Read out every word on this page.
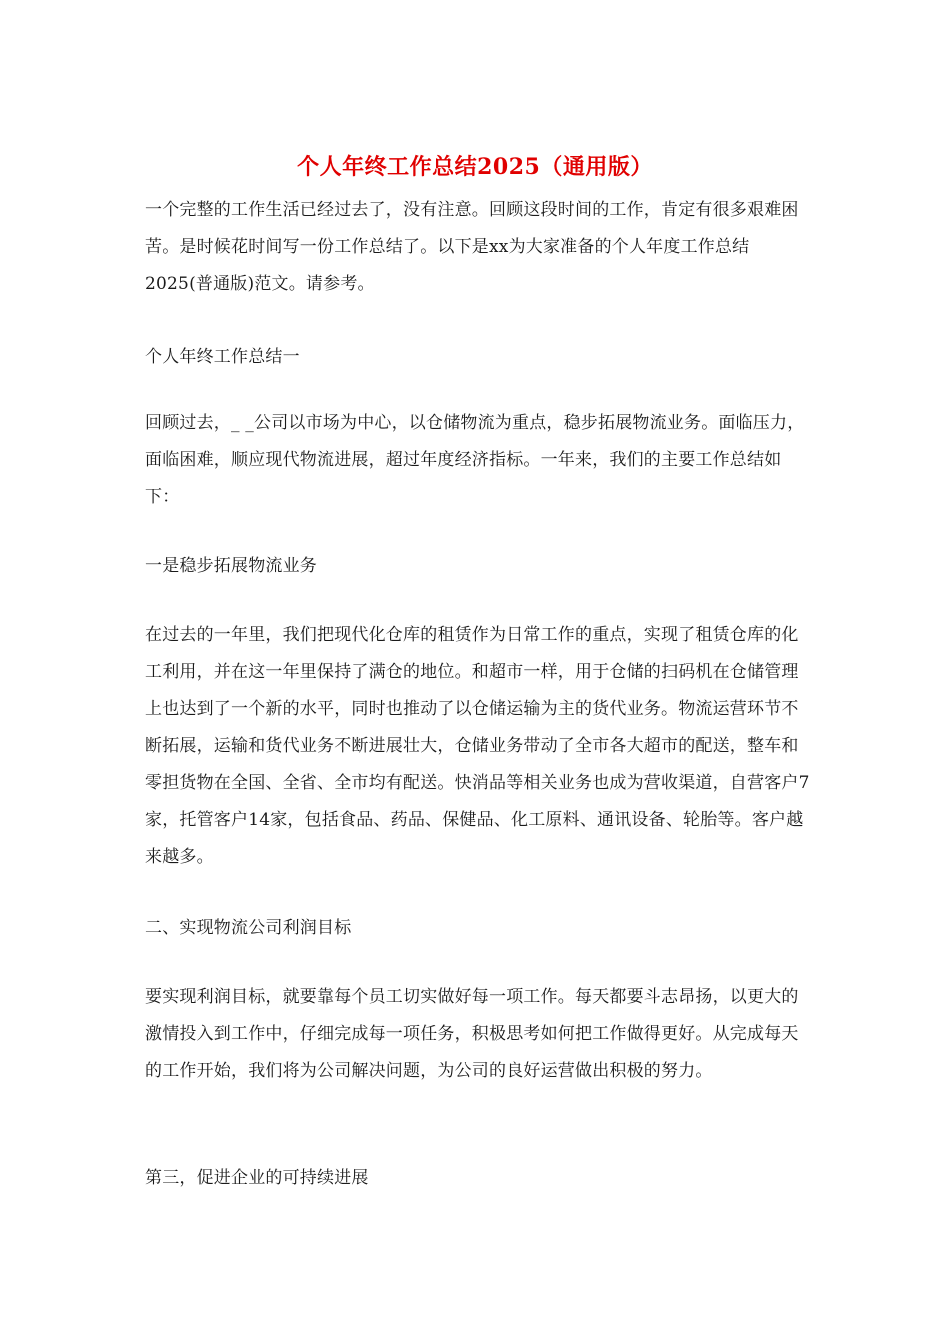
个人年终工作总结2025（通用版）
一个完整的工作生活已经过去了，没有注意。回顾这段时间的工作，肯定有很多艰难困苦。是时候花时间写一份工作总结了。以下是xx为大家准备的个人年度工作总结2025(普通版)范文。请参考。
个人年终工作总结一
回顾过去，_ _公司以市场为中心，以仓储物流为重点，稳步拓展物流业务。面临压力，面临困难，顺应现代物流进展，超过年度经济指标。一年来，我们的主要工作总结如下：
一是稳步拓展物流业务
在过去的一年里，我们把现代化仓库的租赁作为日常工作的重点，实现了租赁仓库的化工利用，并在这一年里保持了满仓的地位。和超市一样，用于仓储的扫码机在仓储管理上也达到了一个新的水平，同时也推动了以仓储运输为主的货代业务。物流运营环节不断拓展，运输和货代业务不断进展壮大，仓储业务带动了全市各大超市的配送，整车和零担货物在全国、全省、全市均有配送。快消品等相关业务也成为营收渠道，自营客户7家，托管客户14家，包括食品、药品、保健品、化工原料、通讯设备、轮胎等。客户越来越多。
二、实现物流公司利润目标
要实现利润目标，就要靠每个员工切实做好每一项工作。每天都要斗志昂扬，以更大的激情投入到工作中，仔细完成每一项任务，积极思考如何把工作做得更好。从完成每天的工作开始，我们将为公司解决问题，为公司的良好运营做出积极的努力。
第三，促进企业的可持续进展
